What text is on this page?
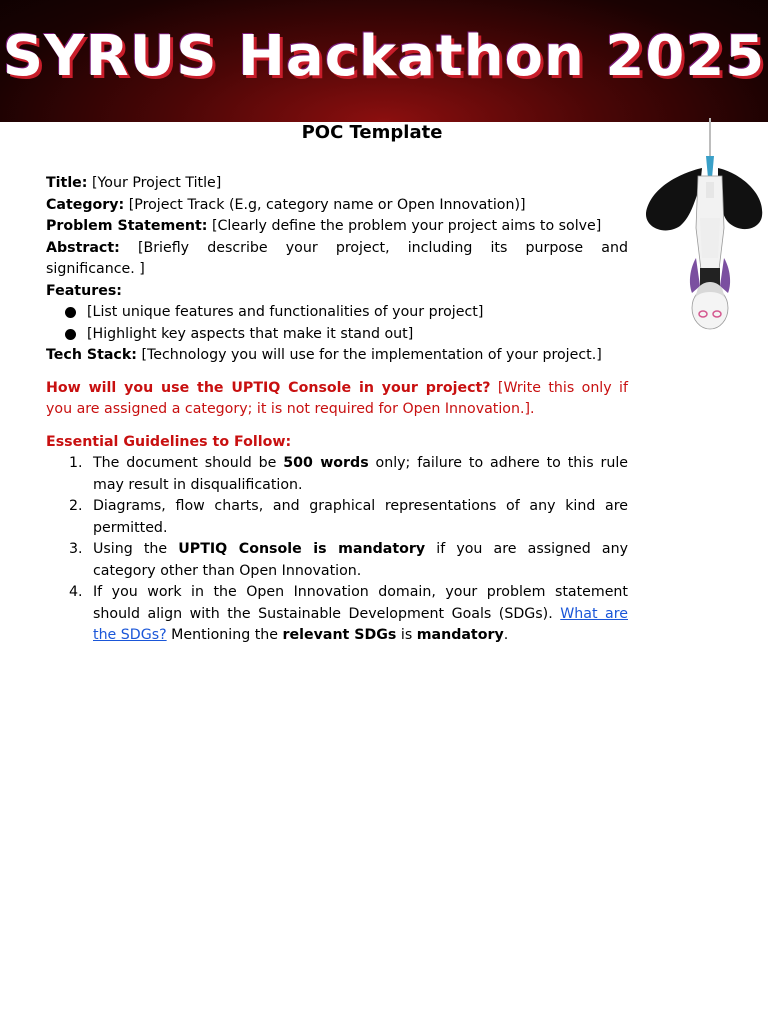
SYRUS Hackathon 2025
POC Template

Title: [Your Project Title]

Category: [Project Track (E.g, category name or Open Innovation)]

Problem Statement: [Clearly define the problem your project aims to solve]

Abstract: [Briefly describe your project, including its purpose and

significance. ]

Features:

[List unique features and functionalities of your project]
[Highlight key aspects that make it stand out]

Tech Stack: [Technology you will use for the implementation of your project.]

How will you use the UPTIQ Console in your project? [Write this only if

you are assigned a category; it is not required for Open Innovation.].

Essential Guidelines to Follow:

1. The document should be 500 words only; failure to adhere to this rule may result in disqualification.
2. Diagrams, flow charts, and graphical representations of any kind are permitted.
3. Using the UPTIQ Console is mandatory if you are assigned any category other than Open Innovation.
4. If you work in the Open Innovation domain, your problem statement should align with the Sustainable Development Goals (SDGs). What are the SDGs? Mentioning the relevant SDGs is mandatory.
